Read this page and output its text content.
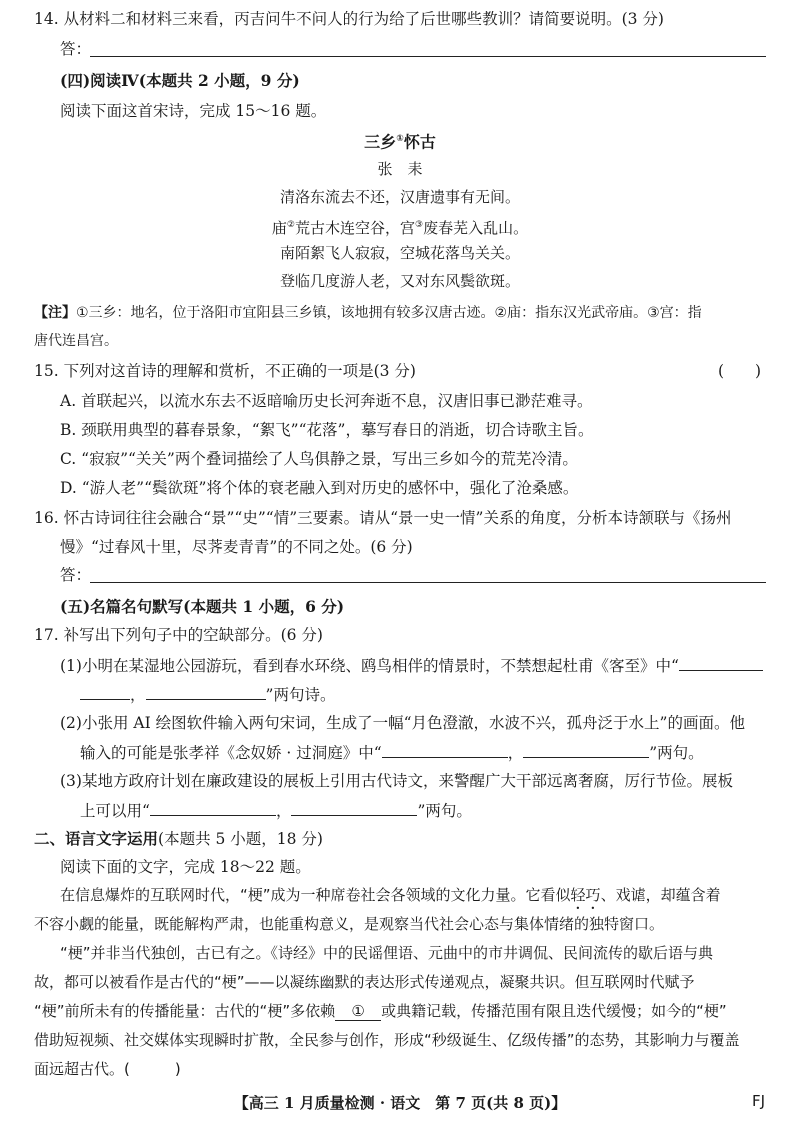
14. 从材料二和材料三来看，丙吉问牛不问人的行为给了后世哪些教训？请简要说明。(3 分)
答：
(四)阅读Ⅳ(本题共 2 小题，9 分)
阅读下面这首宋诗，完成 15～16 题。
三乡①怀古
张　耒
清洛东流去不还，汉唐遗事有无间。
庙②荒古木连空谷，宫③废春芜入乱山。
南陌絮飞人寂寂，空城花落鸟关关。
登临几度游人老，又对东风鬓欲斑。
【注】①三乡：地名，位于洛阳市宜阳县三乡镇，该地拥有较多汉唐古迹。②庙：指东汉光武帝庙。③宫：指
唐代连昌宫。
15. 下列对这首诗的理解和赏析，不正确的一项是(3 分)	(　　)
A. 首联起兴，以流水东去不返暗喻历史长河奔逝不息，汉唐旧事已渺茫难寻。
B. 颈联用典型的暮春景象，“絮飞”“花落”，摹写春日的消逝，切合诗歌主旨。
C. “寂寂”“关关”两个叠词描绘了人鸟俱静之景，写出三乡如今的荒芜冷清。
D. “游人老”“鬓欲斑”将个体的衰老融入到对历史的感怀中，强化了沧桑感。
16. 怀古诗词往往会融合“景”“史”“情”三要素。请从“景一史一情”关系的角度，分析本诗颔联与《扬州
慢》“过春风十里，尽荠麦青青”的不同之处。(6 分)
答：
(五)名篇名句默写(本题共 1 小题，6 分)
17. 补写出下列句子中的空缺部分。(6 分)
(1)小明在某湿地公园游玩，看到春水环绕、鸥鸟相伴的情景时，不禁想起杜甫《客至》中“
，	”两句诗。
(2)小张用 AI 绘图软件输入两句宋词，生成了一幅“月色澄澈，水波不兴，孤舟泛于水上”的画面。他
输入的可能是张孝祥《念奴娇 · 过洞庭》中“	，	”两句。
(3)某地方政府计划在廉政建设的展板上引用古代诗文，来警醒广大干部远离奢腐，厉行节俭。展板
上可以用“	，	”两句。
二、语言文字运用(本题共 5 小题，18 分)
阅读下面的文字，完成 18～22 题。
在信息爆炸的互联网时代，“梗”成为一种席卷社会各领域的文化力量。它看似轻巧、戏谑，却蕴含着
不容小觑的能量，既能解构严肃，也能重构意义，是观察当代社会心态与集体情绪的独特窗口。
“梗”并非当代独创，古已有之。《诗经》中的民谣俚语、元曲中的市井调侃、民间流传的歇后语与典
故，都可以被看作是古代的“梗”——以凝练幽默的表达形式传递观点，凝聚共识。但互联网时代赋予
“梗”前所未有的传播能量：古代的“梗”多依赖 ① 或典籍记载，传播范围有限且迭代缓慢；如今的“梗”
借助短视频、社交媒体实现瞬时扩散，全民参与创作，形成“秒级诞生、亿级传播”的态势，其影响力与覆盖
面远超古代。(　　　)
【高三 1 月质量检测 · 语文　第 7 页(共 8 页)】	FJ
